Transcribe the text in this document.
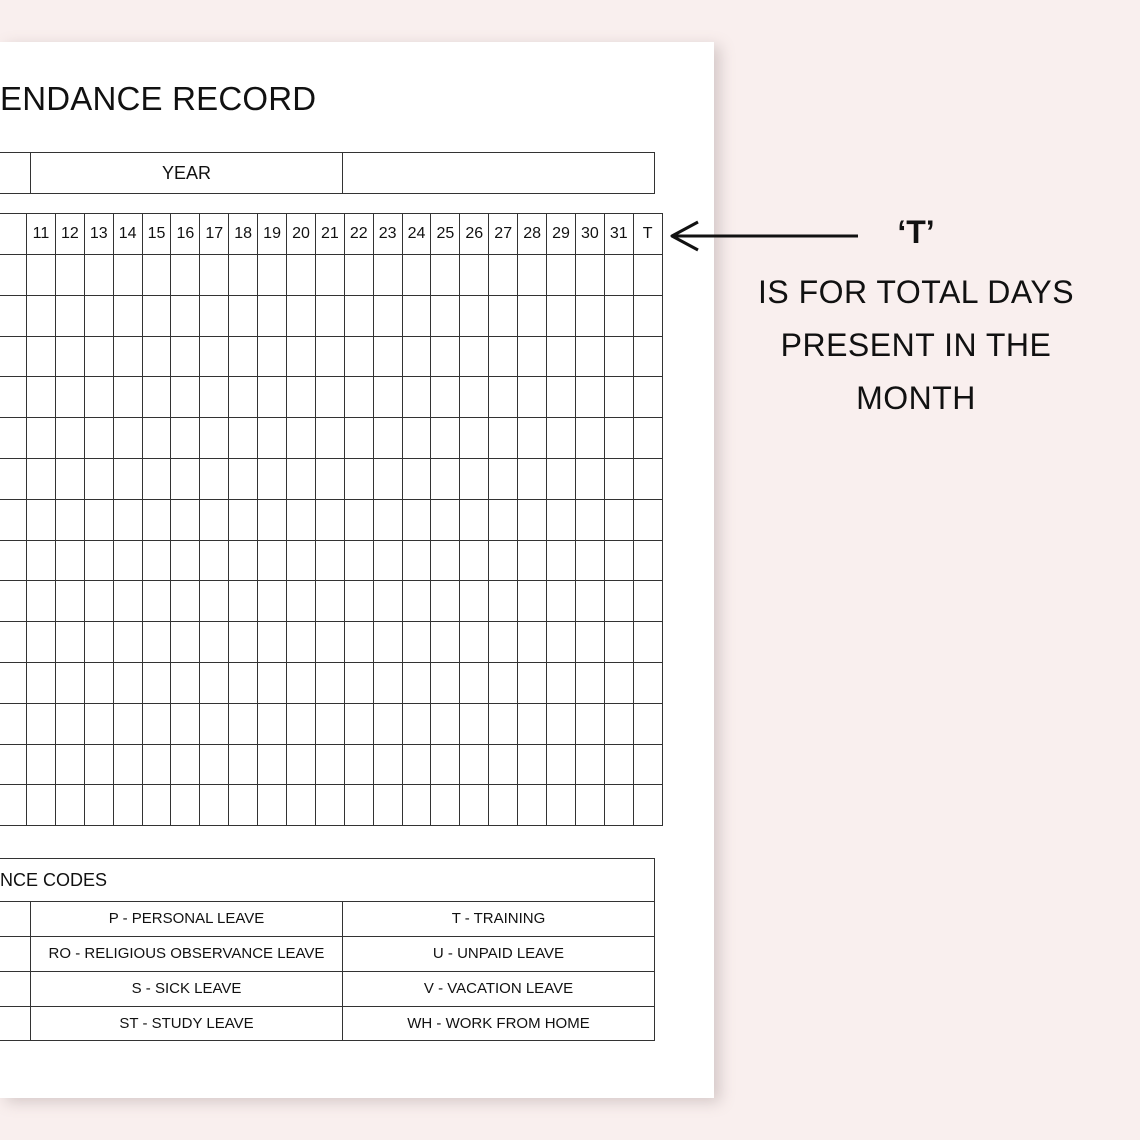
ENDANCE RECORD
YEAR
	11	12	13	14	15	16	17	18	19	20	21	22	23	24	25	26	27	28	29	30	31	T

NCE CODES
P - PERSONAL LEAVE	T - TRAINING
RO - RELIGIOUS OBSERVANCE LEAVE	U - UNPAID LEAVE
S - SICK LEAVE	V - VACATION LEAVE
ST - STUDY LEAVE	WH - WORK FROM HOME
‘T’
IS FOR TOTAL DAYS
PRESENT IN THE
MONTH
